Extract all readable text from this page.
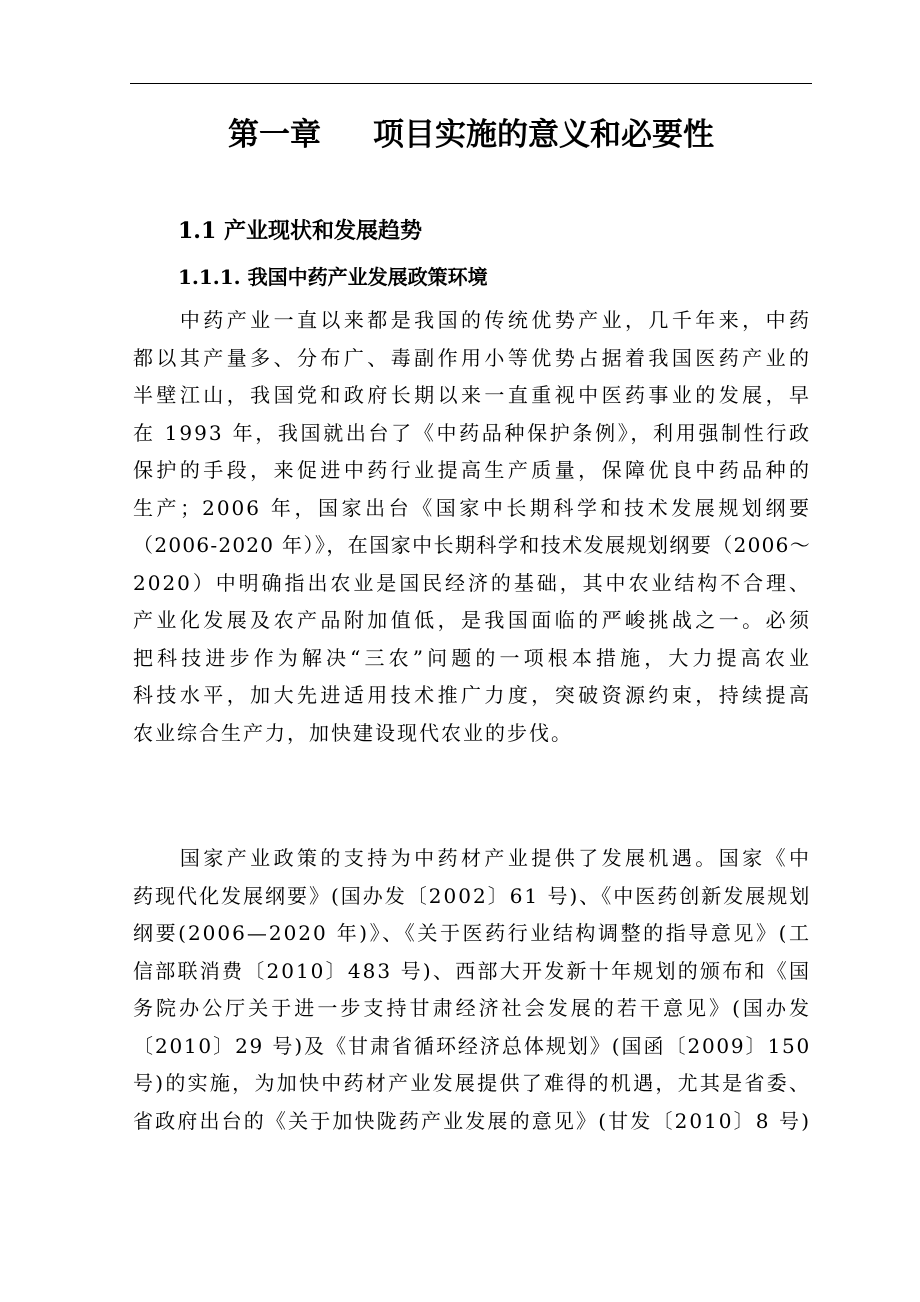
第一章 项目实施的意义和必要性
1.1 产业现状和发展趋势
1.1.1. 我国中药产业发展政策环境
　　中药产业一直以来都是我国的传统优势产业，几千年来，中药
都以其产量多、分布广、毒副作用小等优势占据着我国医药产业的
半壁江山，我国党和政府长期以来一直重视中医药事业的发展，早
在 1993 年，我国就出台了《中药品种保护条例》，利用强制性行政
保护的手段，来促进中药行业提高生产质量，保障优良中药品种的
生产；2006 年，国家出台《国家中长期科学和技术发展规划纲要
（2006-2020 年）》，在国家中长期科学和技术发展规划纲要（2006～
2020）中明确指出农业是国民经济的基础，其中农业结构不合理、
产业化发展及农产品附加值低，是我国面临的严峻挑战之一。必须
把科技进步作为解决“三农”问题的一项根本措施，大力提高农业
科技水平，加大先进适用技术推广力度，突破资源约束，持续提高
农业综合生产力，加快建设现代农业的步伐。
　　国家产业政策的支持为中药材产业提供了发展机遇。国家《中
药现代化发展纲要》(国办发〔2002〕61 号)、《中医药创新发展规划
纲要(2006—2020 年)》、《关于医药行业结构调整的指导意见》(工
信部联消费〔2010〕483 号)、西部大开发新十年规划的颁布和《国
务院办公厅关于进一步支持甘肃经济社会发展的若干意见》(国办发
〔2010〕29 号)及《甘肃省循环经济总体规划》(国函〔2009〕150
号)的实施，为加快中药材产业发展提供了难得的机遇，尤其是省委、
省政府出台的《关于加快陇药产业发展的意见》(甘发〔2010〕8 号)
